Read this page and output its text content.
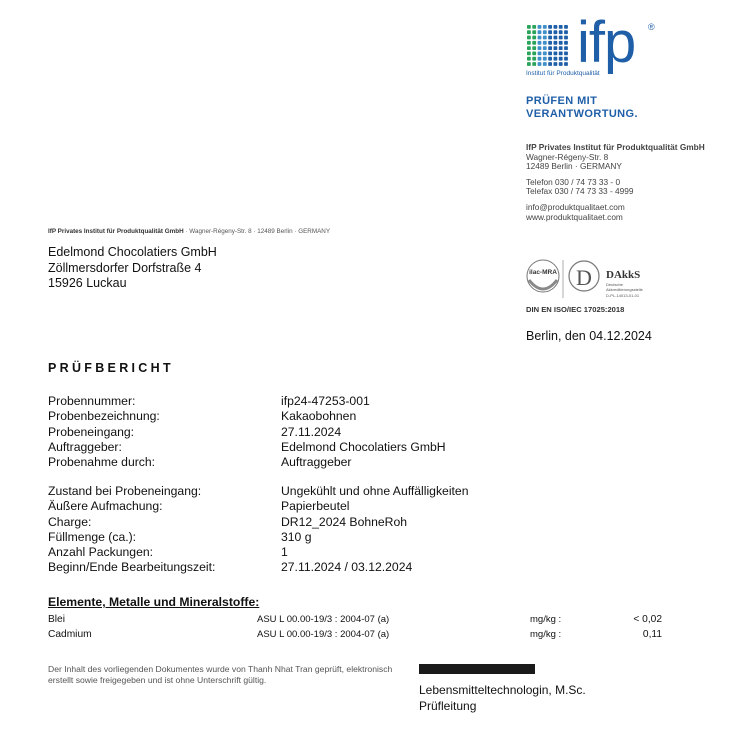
ifp ®
Institut für Produktqualität
PRÜFEN MIT
VERANTWORTUNG.
IfP Privates Institut für Produktqualität GmbH
Wagner-Régeny-Str. 8
12489 Berlin · GERMANY
Telefon 030 / 74 73 33 - 0
Telefax 030 / 74 73 33 - 4999
info@produktqualitaet.com
www.produktqualitaet.com
IfP Privates Institut für Produktqualität GmbH · Wagner-Régeny-Str. 8 · 12489 Berlin · GERMANY
Edelmond Chocolatiers GmbH
Zöllmersdorfer Dorfstraße 4
15926 Luckau
ilac-MRA D DAkkS
Deutsche
Akkreditierungsstelle
D-PL-14013-01-01
DIN EN ISO/IEC 17025:2018
Berlin, den 04.12.2024
PRÜFBERICHT
Probennummer:	ifp24-47253-001
Probenbezeichnung:	Kakaobohnen
Probeneingang:	27.11.2024
Auftraggeber:	Edelmond Chocolatiers GmbH
Probenahme durch:	Auftraggeber
Zustand bei Probeneingang:	Ungekühlt und ohne Auffälligkeiten
Äußere Aufmachung:	Papierbeutel
Charge:	DR12_2024 BohneRoh
Füllmenge (ca.):	310 g
Anzahl Packungen:	1
Beginn/Ende Bearbeitungszeit:	27.11.2024 / 03.12.2024
Elemente, Metalle und Mineralstoffe:
Blei	ASU L 00.00-19/3 : 2004-07 (a)	mg/kg :	< 0,02
Cadmium	ASU L 00.00-19/3 : 2004-07 (a)	mg/kg :	0,11
Der Inhalt des vorliegenden Dokumentes wurde von Thanh Nhat Tran geprüft, elektronisch erstellt sowie freigegeben und ist ohne Unterschrift gültig.
Lebensmitteltechnologin, M.Sc.
Prüfleitung
